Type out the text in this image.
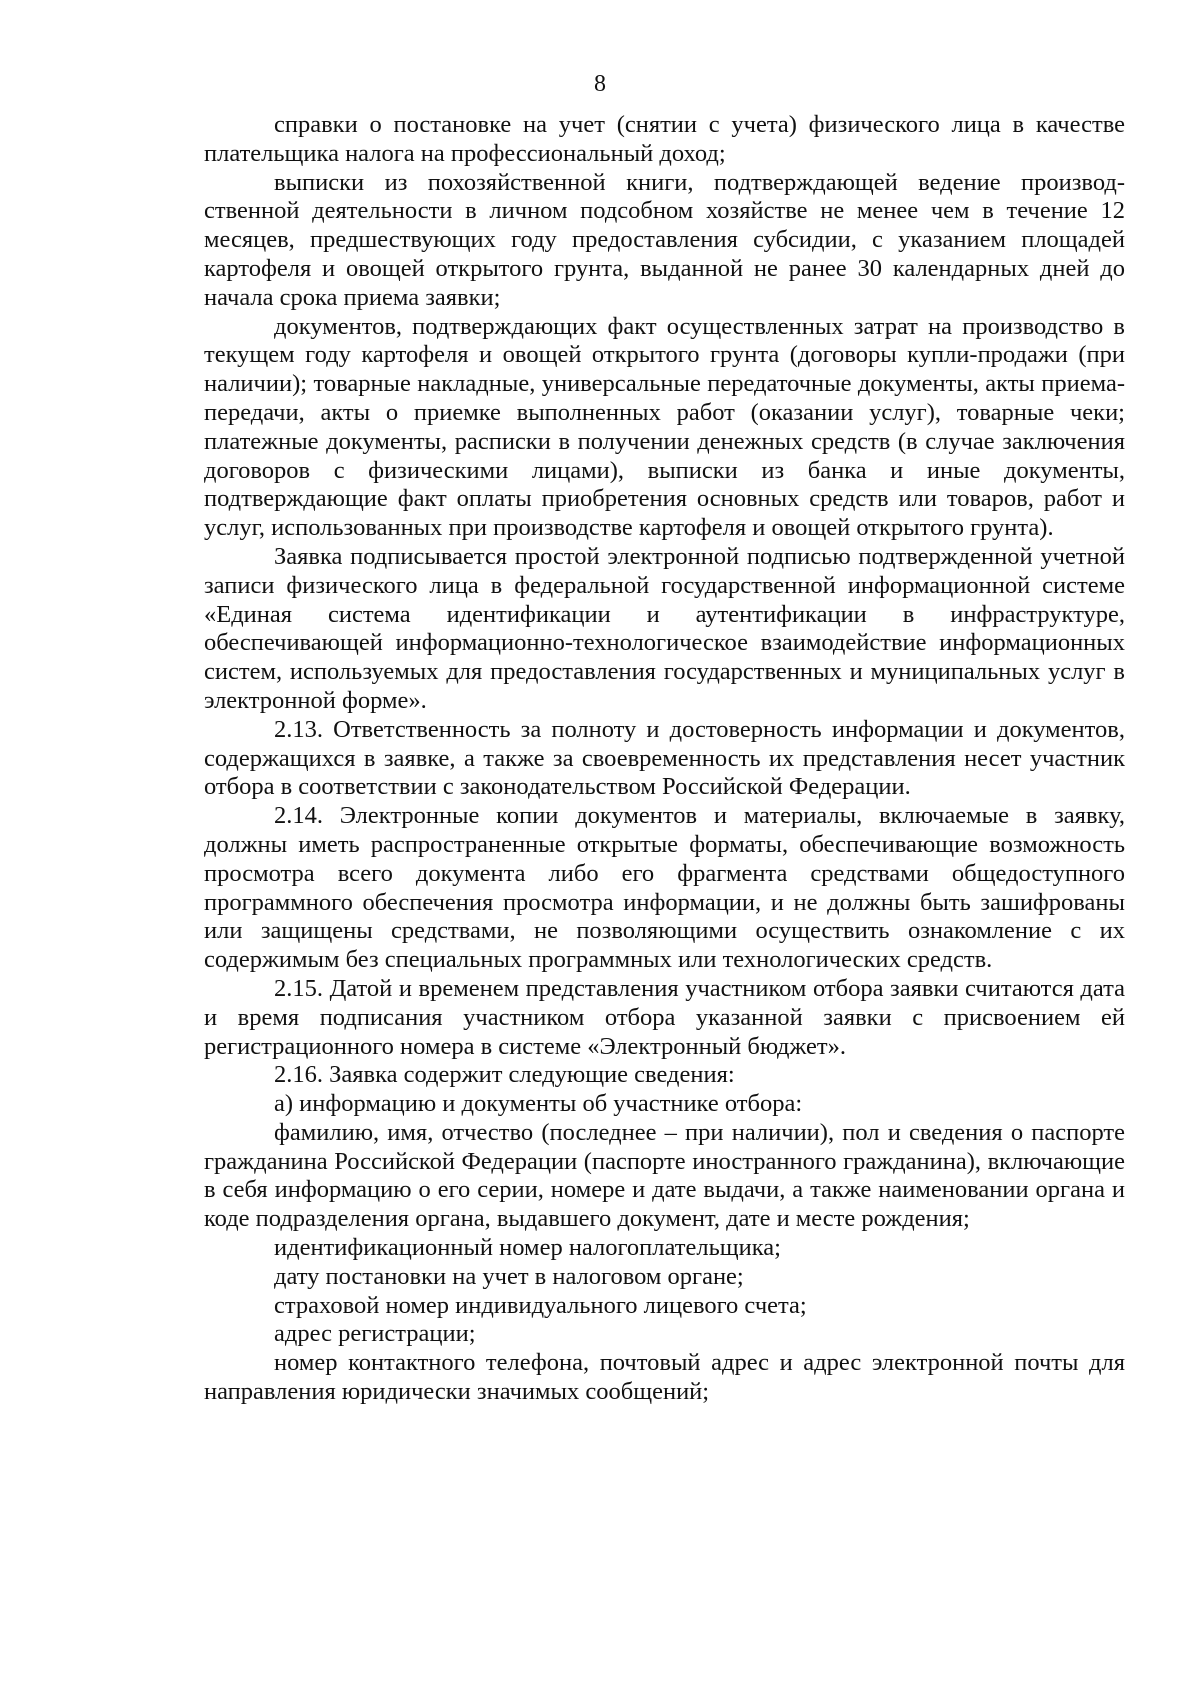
8

справки о постановке на учет (снятии с учета) физического лица в качестве плательщика налога на профессиональный доход;

выписки из похозяйственной книги, подтверждающей ведение производственной деятельности в личном подсобном хозяйстве не менее чем в течение 12 месяцев, предшествующих году предоставления субсидии, с указанием площадей картофеля и овощей открытого грунта, выданной не ранее 30 календарных дней до начала срока приема заявки;

документов, подтверждающих факт осуществленных затрат на производство в текущем году картофеля и овощей открытого грунта (договоры купли-продажи (при наличии); товарные накладные, универсальные передаточные документы, акты приема-передачи, акты о приемке выполненных работ (оказании услуг), товарные чеки; платежные документы, расписки в получении денежных средств (в случае заключения договоров с физическими лицами), выписки из банка и иные документы, подтверждающие факт оплаты приобретения основных средств или товаров, работ и услуг, использованных при производстве картофеля и овощей открытого грунта).

Заявка подписывается простой электронной подписью подтвержденной учетной записи физического лица в федеральной государственной информационной системе «Единая система идентификации и аутентификации в инфраструктуре, обеспечивающей информационно-технологическое взаимодействие информационных систем, используемых для предоставления государственных и муниципальных услуг в электронной форме».

2.13. Ответственность за полноту и достоверность информации и документов, содержащихся в заявке, а также за своевременность их представления несет участник отбора в соответствии с законодательством Российской Федерации.

2.14. Электронные копии документов и материалы, включаемые в заявку, должны иметь распространенные открытые форматы, обеспечивающие возможность просмотра всего документа либо его фрагмента средствами общедоступного программного обеспечения просмотра информации, и не должны быть зашифрованы или защищены средствами, не позволяющими осуществить ознакомление с их содержимым без специальных программных или технологических средств.

2.15. Датой и временем представления участником отбора заявки считаются дата и время подписания участником отбора указанной заявки с присвоением ей регистрационного номера в системе «Электронный бюджет».

2.16. Заявка содержит следующие сведения:

а) информацию и документы об участнике отбора:

фамилию, имя, отчество (последнее – при наличии), пол и сведения о паспорте гражданина Российской Федерации (паспорте иностранного гражданина), включающие в себя информацию о его серии, номере и дате выдачи, а также наименовании органа и коде подразделения органа, выдавшего документ, дате и месте рождения;

идентификационный номер налогоплательщика;

дату постановки на учет в налоговом органе;

страховой номер индивидуального лицевого счета;

адрес регистрации;

номер контактного телефона, почтовый адрес и адрес электронной почты для направления юридически значимых сообщений;
